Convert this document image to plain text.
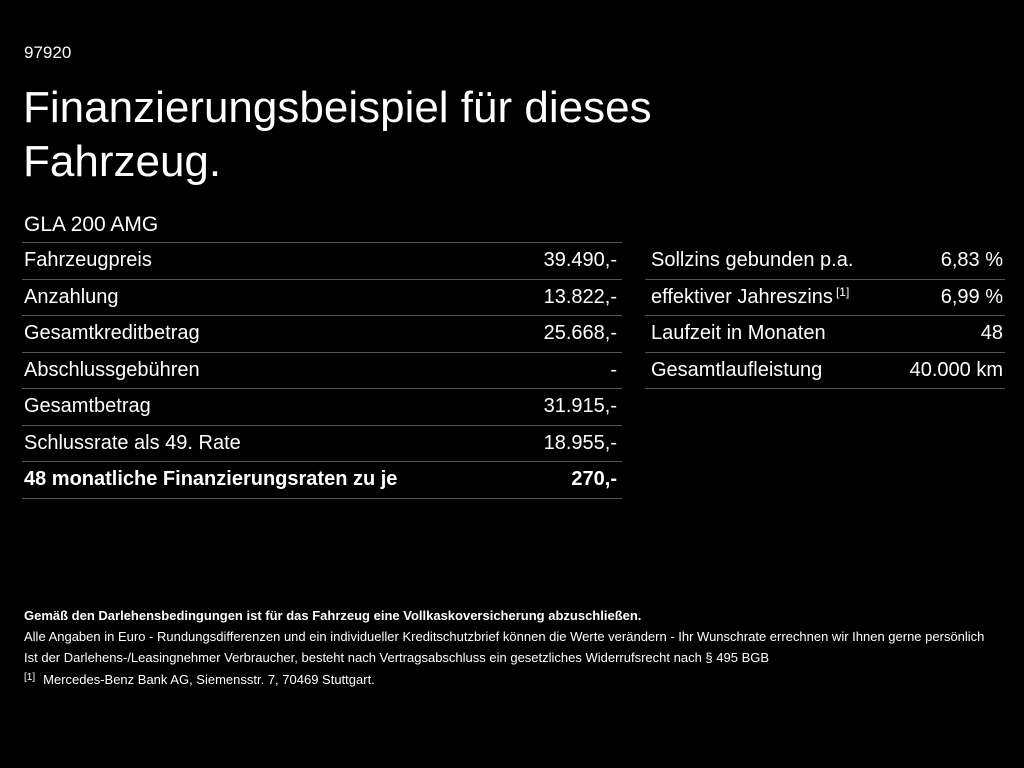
97920
Finanzierungsbeispiel für dieses
Fahrzeug.
GLA 200 AMG
Fahrzeugpreis	39.490,-
Anzahlung	13.822,-
Gesamtkreditbetrag	25.668,-
Abschlussgebühren	-
Gesamtbetrag	31.915,-
Schlussrate als 49. Rate	18.955,-
48 monatliche Finanzierungsraten zu je	270,-
Sollzins gebunden p.a.	6,83 %
effektiver Jahreszins [1]	6,99 %
Laufzeit in Monaten	48
Gesamtlaufleistung	40.000 km
Gemäß den Darlehensbedingungen ist für das Fahrzeug eine Vollkaskoversicherung abzuschließen.
Alle Angaben in Euro - Rundungsdifferenzen und ein individueller Kreditschutzbrief können die Werte verändern - Ihr Wunschrate errechnen wir Ihnen gerne persönlich
Ist der Darlehens-/Leasingnehmer Verbraucher, besteht nach Vertragsabschluss ein gesetzliches Widerrufsrecht nach § 495 BGB
[1] Mercedes-Benz Bank AG, Siemensstr. 7, 70469 Stuttgart.
